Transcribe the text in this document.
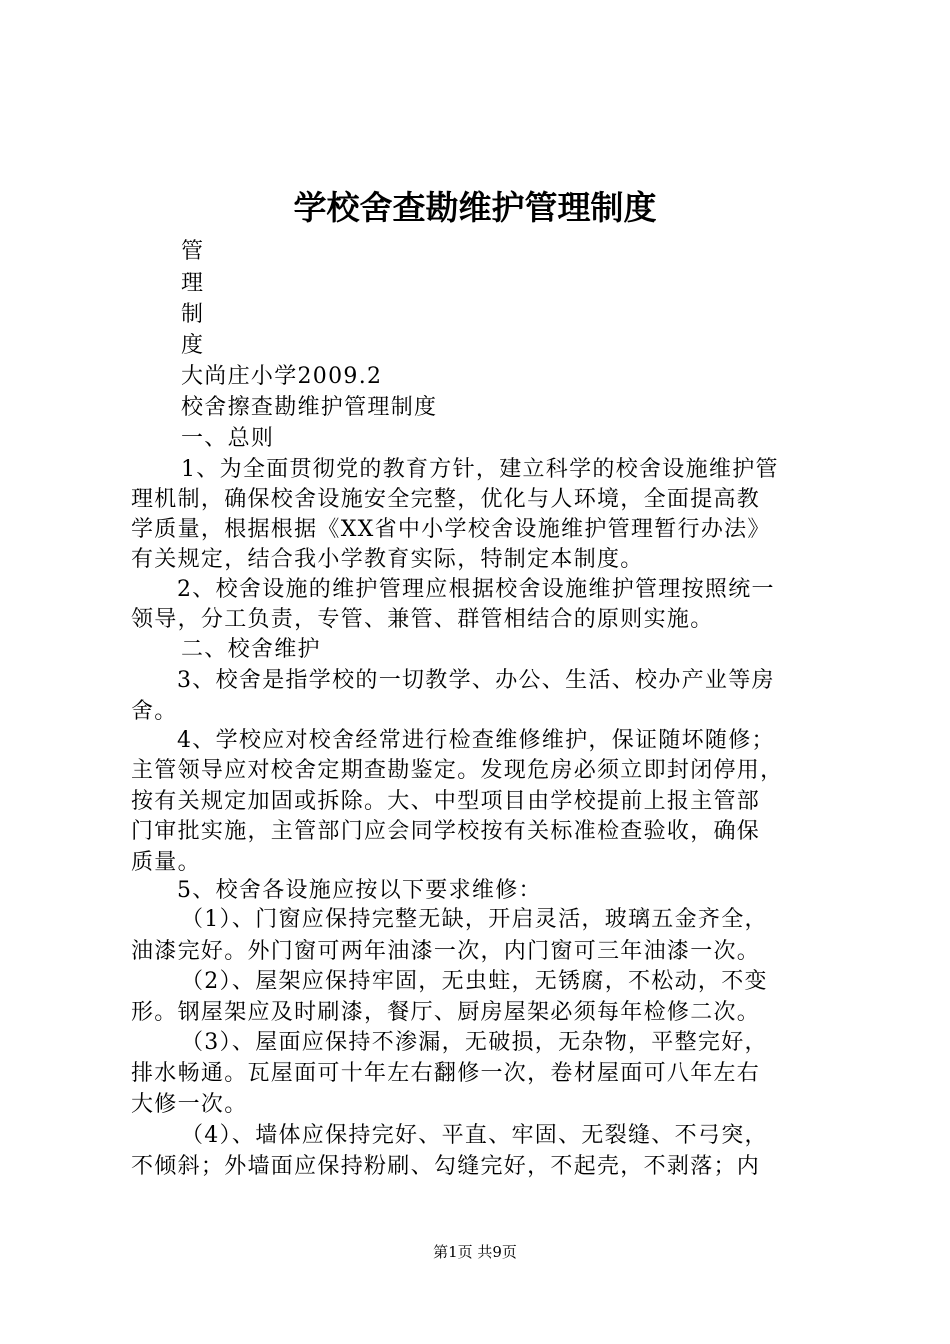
学校舍查勘维护管理制度
管
理
制
度
大尚庄小学2009.2
校舍擦查勘维护管理制度
一、总则
1、为全面贯彻党的教育方针，建立科学的校舍设施维护管
理机制，确保校舍设施安全完整，优化与人环境，全面提高教
学质量，根据根据《XX省中小学校舍设施维护管理暂行办法》
有关规定，结合我小学教育实际，特制定本制度。
2、校舍设施的维护管理应根据校舍设施维护管理按照统一
领导，分工负责，专管、兼管、群管相结合的原则实施。
二、校舍维护
3、校舍是指学校的一切教学、办公、生活、校办产业等房
舍。
4、学校应对校舍经常进行检查维修维护，保证随坏随修；
主管领导应对校舍定期查勘鉴定。发现危房必须立即封闭停用，
按有关规定加固或拆除。大、中型项目由学校提前上报主管部
门审批实施，主管部门应会同学校按有关标准检查验收，确保
质量。
5、校舍各设施应按以下要求维修：
（1）、门窗应保持完整无缺，开启灵活，玻璃五金齐全，
油漆完好。外门窗可两年油漆一次，内门窗可三年油漆一次。
（2）、屋架应保持牢固，无虫蛀，无锈腐，不松动，不变
形。钢屋架应及时刷漆，餐厅、厨房屋架必须每年检修二次。
（3）、屋面应保持不渗漏，无破损，无杂物，平整完好，
排水畅通。瓦屋面可十年左右翻修一次，卷材屋面可八年左右
大修一次。
（4）、墙体应保持完好、平直、牢固、无裂缝、不弓突，
不倾斜；外墙面应保持粉刷、勾缝完好，不起壳，不剥落；内
第1页 共9页
